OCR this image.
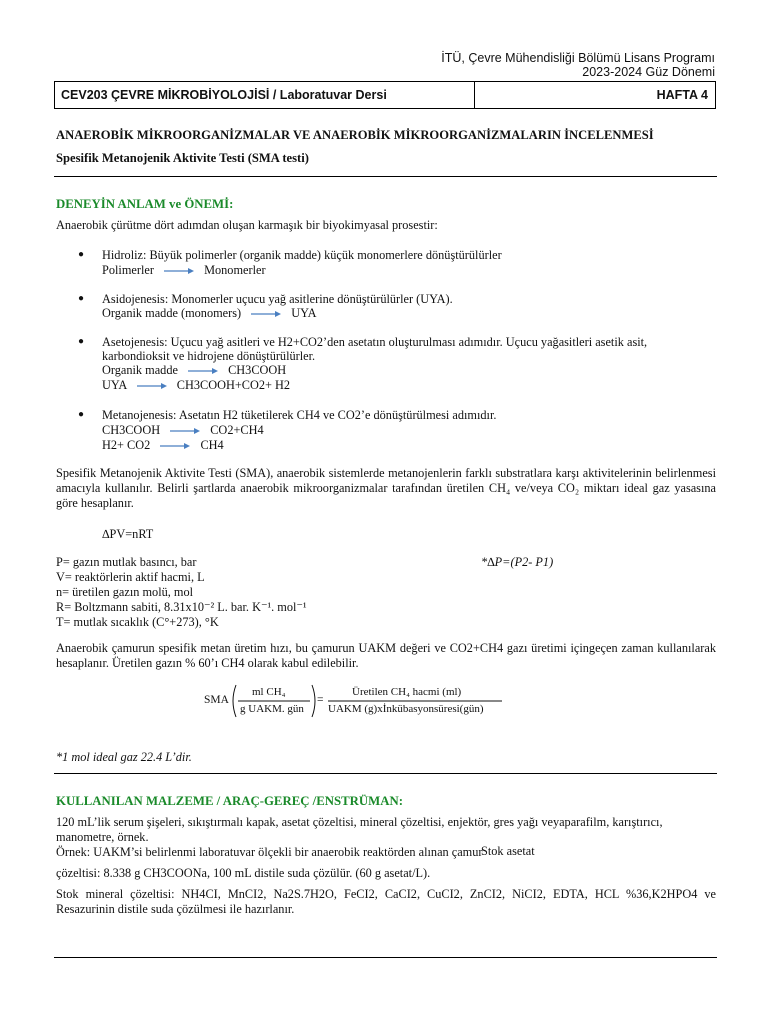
İTÜ, Çevre Mühendisliği Bölümü Lisans Programı
2023-2024 Güz Dönemi
CEV203 ÇEVRE MİKROBİYOLOJİSİ / Laboratuvar Dersi	HAFTA 4
ANAEROBİK MİKROORGANİZMALAR VE ANAEROBİK MİKROORGANİZMALARIN İNCELENMESİ
Spesifik Metanojenik Aktivite Testi (SMA testi)
DENEYİN ANLAM ve ÖNEMİ:
Anaerobik çürütme dört adımdan oluşan karmaşık bir biyokimyasal prosestir:
● Hidroliz: Büyük polimerler (organik madde) küçük monomerlere dönüştürülürler
Polimerler	Monomerler
● Asidojenesis: Monomerler uçucu yağ asitlerine dönüştürülürler (UYA).
Organik madde (monomers)	UYA
● Asetojenesis: Uçucu yağ asitleri ve H2+CO2’den asetatın oluşturulması adımıdır. Uçucu yağasitleri asetik asit,
karbondioksit ve hidrojene dönüştürülürler.
Organik madde	CH3COOH
UYA	CH3COOH+CO2+ H2
● Metanojenesis: Asetatın H2 tüketilerek CH4 ve CO2’e dönüştürülmesi adımıdır.
CH3COOH	CO2+CH4
H2+ CO2	CH4
Spesifik Metanojenik Aktivite Testi (SMA), anaerobik sistemlerde metanojenlerin farklı substratlara karşı aktivitelerinin belirlenmesi amacıyla kullanılır. Belirli şartlarda anaerobik mikroorganizmalar tarafından üretilen CH₄ ve/veya CO₂ miktarı ideal gaz yasasına göre hesaplanır.
∆PV=nRT
P= gazın mutlak basıncı, bar
V= reaktörlerin aktif hacmi, L
n= üretilen gazın molü, mol
R= Boltzmann sabiti, 8.31x10⁻² L. bar. K⁻¹. mol⁻¹
T= mutlak sıcaklık (C°+273), °K
*∆P=(P2- P1)
Anaerobik çamurun spesifik metan üretim hızı, bu çamurun UAKM değeri ve CO2+CH4 gazı üretimi içingeçen zaman kullanılarak hesaplanır. Üretilen gazın % 60’ı CH4 olarak kabul edilebilir.
SMA
ml CH₄
g UAKM. gün
=
Üretilen CH₄ hacmi (ml)
UAKM (g)xİnkübasyonsüresi(gün)
*1 mol ideal gaz 22.4 L’dir.
KULLANILAN MALZEME / ARAÇ-GEREÇ /ENSTRÜMAN:
120 mL’lik serum şişeleri, sıkıştırmalı kapak, asetat çözeltisi, mineral çözeltisi, enjektör, gres yağı veyaparafilm, karıştırıcı, manometre, örnek.
Örnek: UAKM’si belirlenmi laboratuvar ölçekli bir anaerobik reaktörden alınan çamur
Stok asetat
çözeltisi: 8.338 g CH3COONa, 100 mL distile suda çözülür. (60 g asetat/L).
Stok mineral çözeltisi: NH4CI, MnCI2, Na2S.7H2O, FeCI2, CaCI2, CuCI2, ZnCI2, NiCI2, EDTA, HCL %36,K2HPO4 ve Resazurinin distile suda çözülmesi ile hazırlanır.
